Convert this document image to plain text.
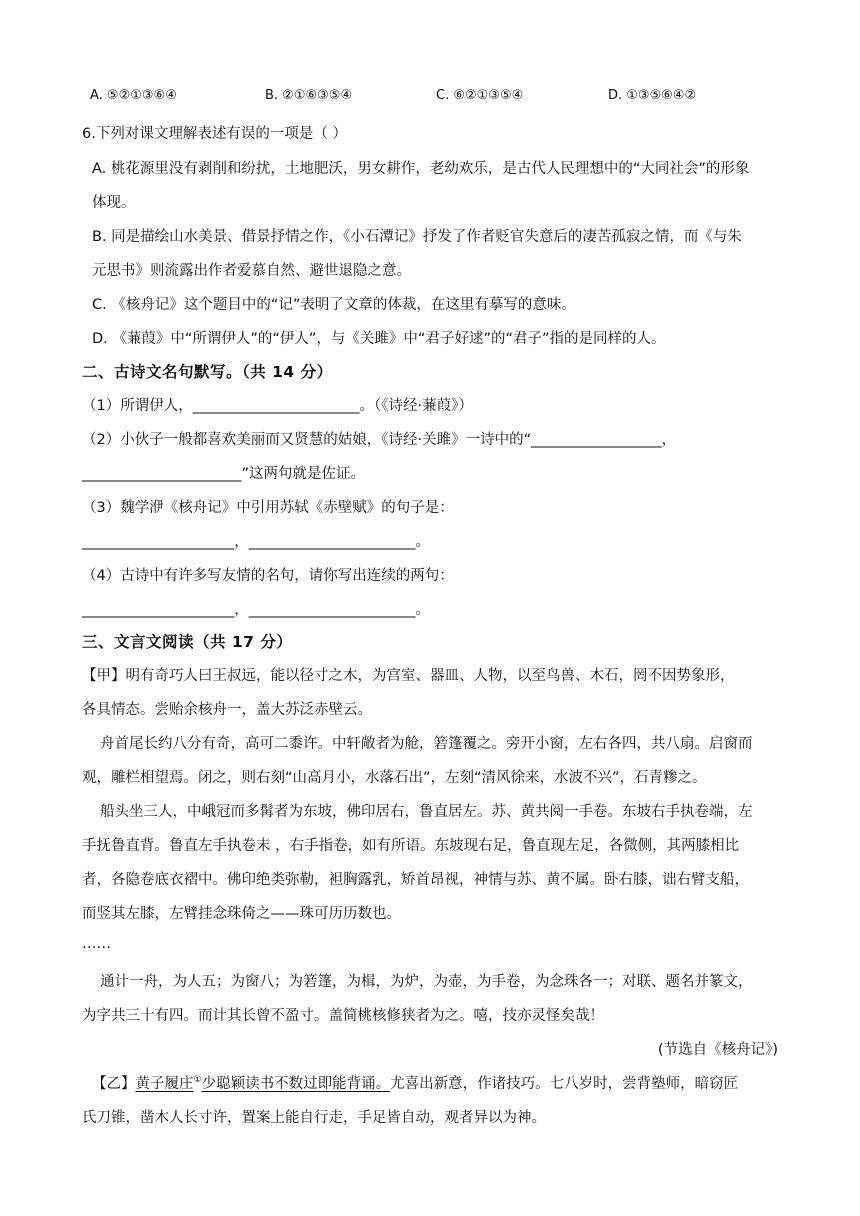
A. ⑤②①③⑥④	B. ②①⑥③⑤④	C. ⑥②①③⑤④	D. ①③⑤⑥④②
6.下列对课文理解表述有误的一项是（ ）
A. 桃花源里没有剥削和纷扰，土地肥沃，男女耕作，老幼欢乐，是古代人民理想中的“大同社会”的形象
体现。
B. 同是描绘山水美景、借景抒情之作，《小石潭记》抒发了作者贬官失意后的凄苦孤寂之情，而《与朱
元思书》则流露出作者爱慕自然、避世退隐之意。
C. 《核舟记》这个题目中的“记”表明了文章的体裁，在这里有摹写的意味。
D. 《蒹葭》中“所谓伊人”的“伊人”，与《关雎》中“君子好逑”的“君子”指的是同样的人。
二、古诗文名句默写。（共 14 分）
（1）所谓伊人，_______________________。（《诗经·蒹葭》）
（2）小伙子一般都喜欢美丽而又贤慧的姑娘，《诗经·关雎》一诗中的“__________________，
______________________”这两句就是佐证。
（3）魏学洢《核舟记》中引用苏轼《赤壁赋》的句子是：
_____________________，_______________________。
（4）古诗中有许多写友情的名句，请你写出连续的两句：
_____________________，_______________________。
三、文言文阅读（共 17 分）
【甲】明有奇巧人曰王叔远，能以径寸之木，为宫室、器皿、人物，以至鸟兽、木石，罔不因势象形，
各具情态。尝贻余核舟一，盖大苏泛赤壁云。
舟首尾长约八分有奇，高可二黍许。中轩敞者为舱，箬篷覆之。旁开小窗，左右各四，共八扇。启窗而
观，雕栏相望焉。闭之，则右刻“山高月小，水落石出”，左刻“清风徐来，水波不兴”，石青糁之。
船头坐三人，中峨冠而多髯者为东坡，佛印居右，鲁直居左。苏、黄共阅一手卷。东坡右手执卷端，左
手抚鲁直背。鲁直左手执卷末 ，右手指卷，如有所语。东坡现右足，鲁直现左足，各微侧，其两膝相比
者，各隐卷底衣褶中。佛印绝类弥勒，袒胸露乳，矫首昂视，神情与苏、黄不属。卧右膝，诎右臂支船，
而竖其左膝，左臂挂念珠倚之——珠可历历数也。
……
通计一舟，为人五；为窗八；为箬篷，为楫，为炉，为壶，为手卷，为念珠各一；对联、题名并篆文，
为字共三十有四。而计其长曾不盈寸。盖简桃核修狭者为之。嘻，技亦灵怪矣哉！
(节选自《核舟记》)
【乙】黄子履庄①少聪颖读书不数过即能背诵。尤喜出新意，作诸技巧。七八岁时，尝背塾师，暗窃匠
氏刀锥，凿木人长寸许，置案上能自行走，手足皆自动，观者异以为神。
